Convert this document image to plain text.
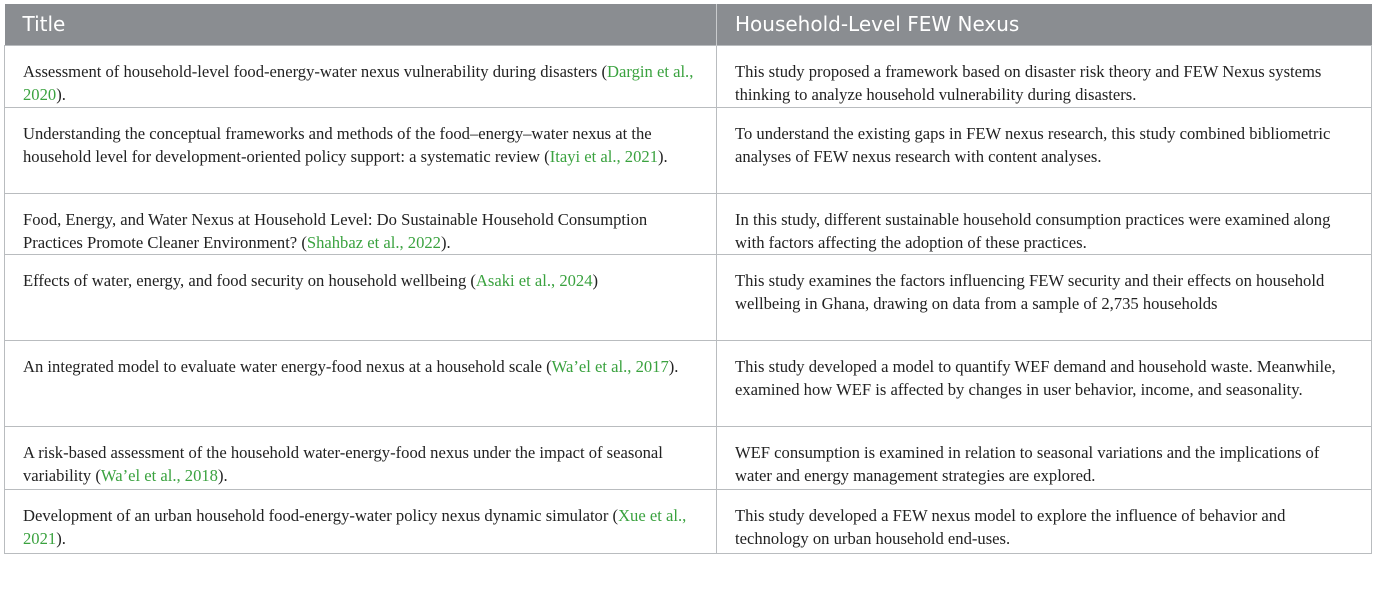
Title	Household-Level FEW Nexus
Assessment of household-level food-energy-water nexus vulnerability during disasters (Dargin et al., 2020).	This study proposed a framework based on disaster risk theory and FEW Nexus systems thinking to analyze household vulnerability during disasters.
Understanding the conceptual frameworks and methods of the food–energy–water nexus at the household level for development-oriented policy support: a systematic review (Itayi et al., 2021).	To understand the existing gaps in FEW nexus research, this study combined bibliometric analyses of FEW nexus research with content analyses.
Food, Energy, and Water Nexus at Household Level: Do Sustainable Household Consumption Practices Promote Cleaner Environment? (Shahbaz et al., 2022).	In this study, different sustainable household consumption practices were examined along with factors affecting the adoption of these practices.
Effects of water, energy, and food security on household wellbeing (Asaki et al., 2024)	This study examines the factors influencing FEW security and their effects on household wellbeing in Ghana, drawing on data from a sample of 2,735 households
An integrated model to evaluate water energy-food nexus at a household scale (Wa’el et al., 2017).	This study developed a model to quantify WEF demand and household waste. Meanwhile, examined how WEF is affected by changes in user behavior, income, and seasonality.
A risk-based assessment of the household water-energy-food nexus under the impact of seasonal variability (Wa’el et al., 2018).	WEF consumption is examined in relation to seasonal variations and the implications of water and energy management strategies are explored.
Development of an urban household food-energy-water policy nexus dynamic simulator (Xue et al., 2021).	This study developed a FEW nexus model to explore the influence of behavior and technology on urban household end-uses.
